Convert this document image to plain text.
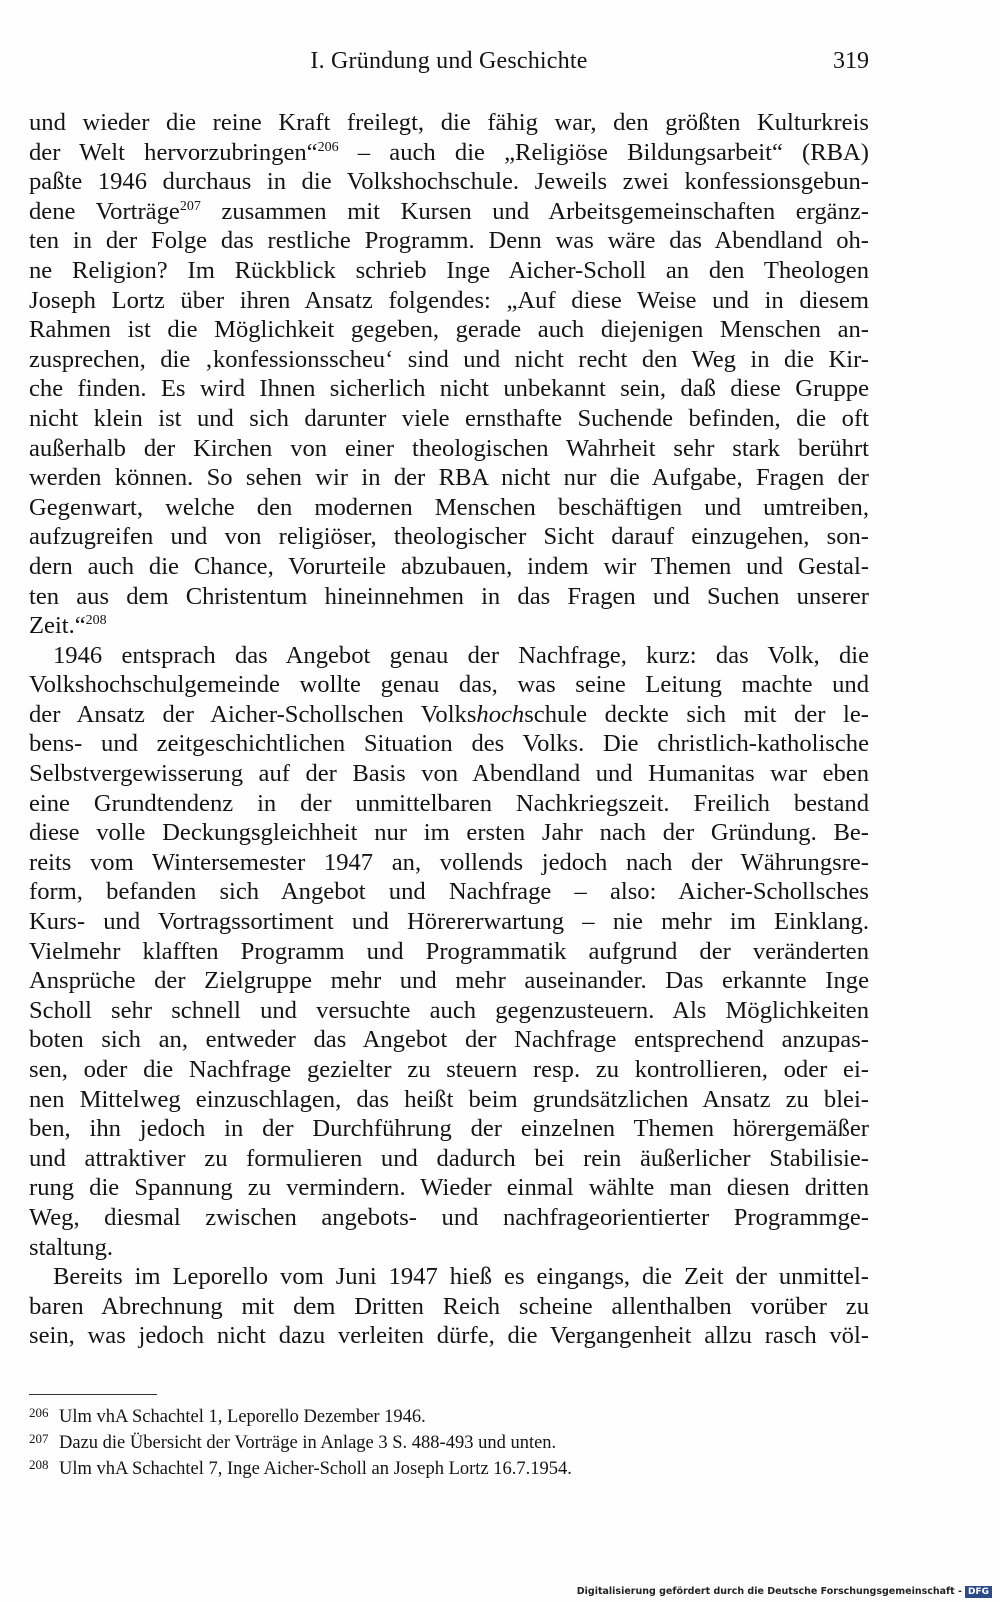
I. Gründung und Geschichte	319
und wieder die reine Kraft freilegt, die fähig war, den größten Kulturkreis
der Welt hervorzubringen“$^{206}$ – auch die „Religiöse Bildungsarbeit“ (RBA)
paßte 1946 durchaus in die Volkshochschule. Jeweils zwei konfessionsgebun-
dene Vorträge$^{207}$ zusammen mit Kursen und Arbeitsgemeinschaften ergänz-
ten in der Folge das restliche Programm. Denn was wäre das Abendland oh-
ne Religion? Im Rückblick schrieb Inge Aicher-Scholl an den Theologen
Joseph Lortz über ihren Ansatz folgendes: „Auf diese Weise und in diesem
Rahmen ist die Möglichkeit gegeben, gerade auch diejenigen Menschen an-
zusprechen, die ‚konfessionsscheu‘ sind und nicht recht den Weg in die Kir-
che finden. Es wird Ihnen sicherlich nicht unbekannt sein, daß diese Gruppe
nicht klein ist und sich darunter viele ernsthafte Suchende befinden, die oft
außerhalb der Kirchen von einer theologischen Wahrheit sehr stark berührt
werden können. So sehen wir in der RBA nicht nur die Aufgabe, Fragen der
Gegenwart, welche den modernen Menschen beschäftigen und umtreiben,
aufzugreifen und von religiöser, theologischer Sicht darauf einzugehen, son-
dern auch die Chance, Vorurteile abzubauen, indem wir Themen und Gestal-
ten aus dem Christentum hineinnehmen in das Fragen und Suchen unserer
Zeit.“$^{208}$
1946 entsprach das Angebot genau der Nachfrage, kurz: das Volk, die
Volkshochschulgemeinde wollte genau das, was seine Leitung machte und
der Ansatz der Aicher-Schollschen Volkshochschule deckte sich mit der le-
bens- und zeitgeschichtlichen Situation des Volks. Die christlich-katholische
Selbstvergewisserung auf der Basis von Abendland und Humanitas war eben
eine Grundtendenz in der unmittelbaren Nachkriegszeit. Freilich bestand
diese volle Deckungsgleichheit nur im ersten Jahr nach der Gründung. Be-
reits vom Wintersemester 1947 an, vollends jedoch nach der Währungsre-
form, befanden sich Angebot und Nachfrage – also: Aicher-Schollsches
Kurs- und Vortragssortiment und Hörererwartung – nie mehr im Einklang.
Vielmehr klafften Programm und Programmatik aufgrund der veränderten
Ansprüche der Zielgruppe mehr und mehr auseinander. Das erkannte Inge
Scholl sehr schnell und versuchte auch gegenzusteuern. Als Möglichkeiten
boten sich an, entweder das Angebot der Nachfrage entsprechend anzupas-
sen, oder die Nachfrage gezielter zu steuern resp. zu kontrollieren, oder ei-
nen Mittelweg einzuschlagen, das heißt beim grundsätzlichen Ansatz zu blei-
ben, ihn jedoch in der Durchführung der einzelnen Themen hörergemäßer
und attraktiver zu formulieren und dadurch bei rein äußerlicher Stabilisie-
rung die Spannung zu vermindern. Wieder einmal wählte man diesen dritten
Weg, diesmal zwischen angebots- und nachfrageorientierter Programmge-
staltung.
Bereits im Leporello vom Juni 1947 hieß es eingangs, die Zeit der unmittel-
baren Abrechnung mit dem Dritten Reich scheine allenthalben vorüber zu
sein, was jedoch nicht dazu verleiten dürfe, die Vergangenheit allzu rasch völ-
206 Ulm vhA Schachtel 1, Leporello Dezember 1946.
207 Dazu die Übersicht der Vorträge in Anlage 3 S. 488-493 und unten.
208 Ulm vhA Schachtel 7, Inge Aicher-Scholl an Joseph Lortz 16.7.1954.
Digitalisierung gefördert durch die Deutsche Forschungsgemeinschaft - DFG
